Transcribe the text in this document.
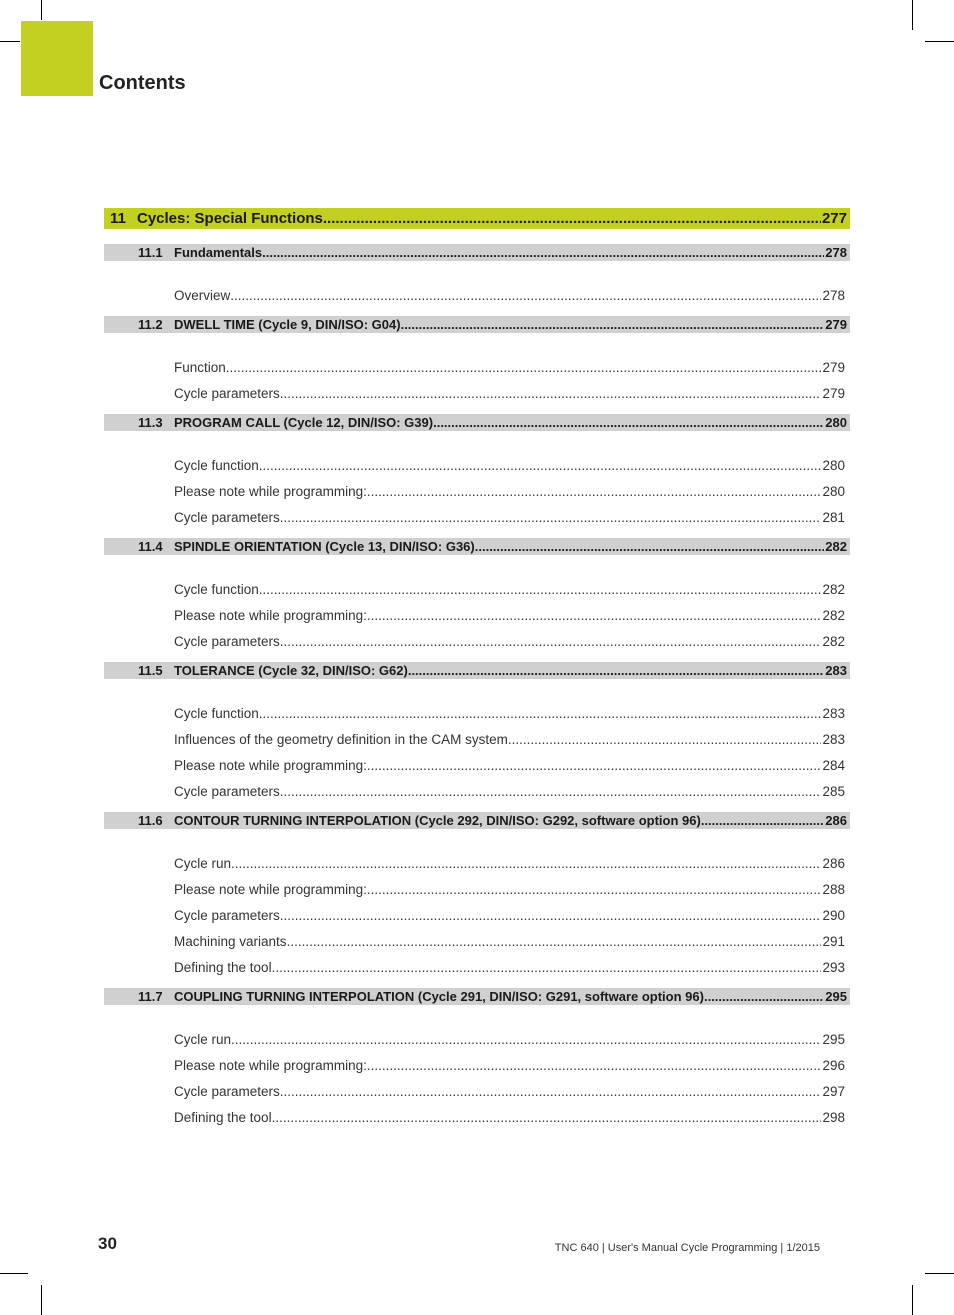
Contents
11 Cycles: Special Functions .....	277
11.1 Fundamentals .....	278
Overview .....	278
11.2 DWELL TIME (Cycle 9, DIN/ISO: G04) .....	279
Function .....	279
Cycle parameters .....	279
11.3 PROGRAM CALL (Cycle 12, DIN/ISO: G39) .....	280
Cycle function .....	280
Please note while programming: .....	280
Cycle parameters .....	281
11.4 SPINDLE ORIENTATION (Cycle 13, DIN/ISO: G36) .....	282
Cycle function .....	282
Please note while programming: .....	282
Cycle parameters .....	282
11.5 TOLERANCE (Cycle 32, DIN/ISO: G62) .....	283
Cycle function .....	283
Influences of the geometry definition in the CAM system .....	283
Please note while programming: .....	284
Cycle parameters .....	285
11.6 CONTOUR TURNING INTERPOLATION (Cycle 292, DIN/ISO: G292, software option 96) .....	286
Cycle run .....	286
Please note while programming: .....	288
Cycle parameters .....	290
Machining variants .....	291
Defining the tool .....	293
11.7 COUPLING TURNING INTERPOLATION (Cycle 291, DIN/ISO: G291, software option 96) .....	295
Cycle run .....	295
Please note while programming: .....	296
Cycle parameters .....	297
Defining the tool .....	298
30	TNC 640 | User's Manual Cycle Programming | 1/2015
